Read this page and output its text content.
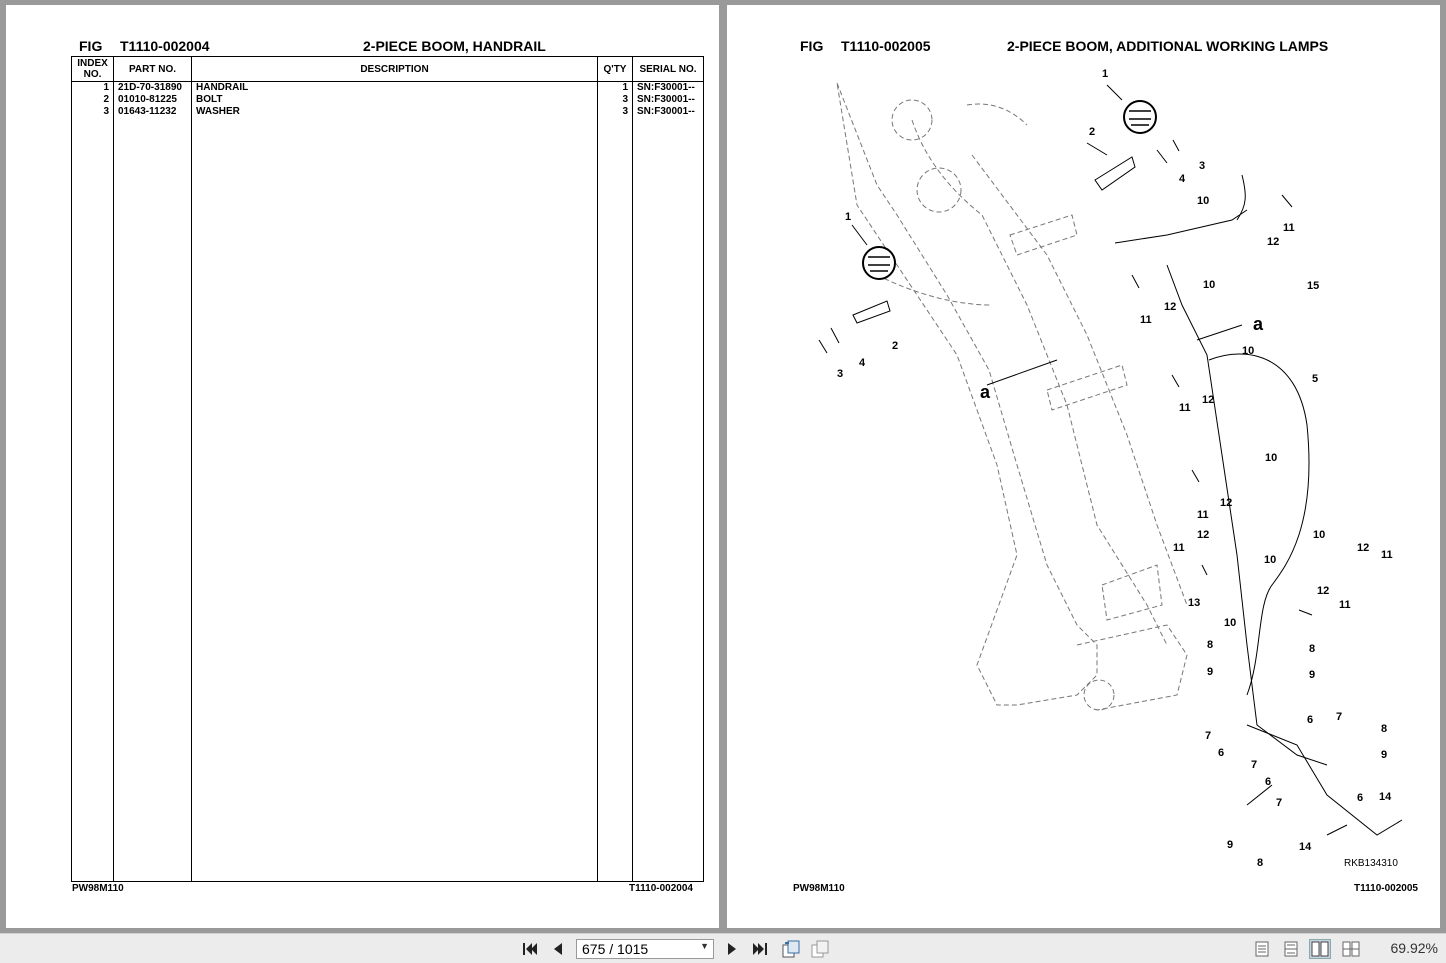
FIG T1110-002004	2-PIECE BOOM, HANDRAIL
INDEX NO.	PART NO.	DESCRIPTION	Q'TY	SERIAL NO.
1	21D-70-31890	HANDRAIL	1	SN:F30001--
2	01010-81225	BOLT	3	SN:F30001--
3	01643-11232	WASHER	3	SN:F30001--

PW98M110	T1110-002004
FIG T1110-002005	2-PIECE BOOM, ADDITIONAL WORKING LAMPS
1
2
3
4
10
11
12
1
2
3
4
10
11
12
15
5
10
11
12
10
11
12
10
11
12
10
12
11
13
12
11
10
8
9
8
9
7
6
6 7
8
9
7
6
7	6 14
9
8
14
a
a
RKB134310
PW98M110	T1110-002005
675 / 1015	▼	69.92%
